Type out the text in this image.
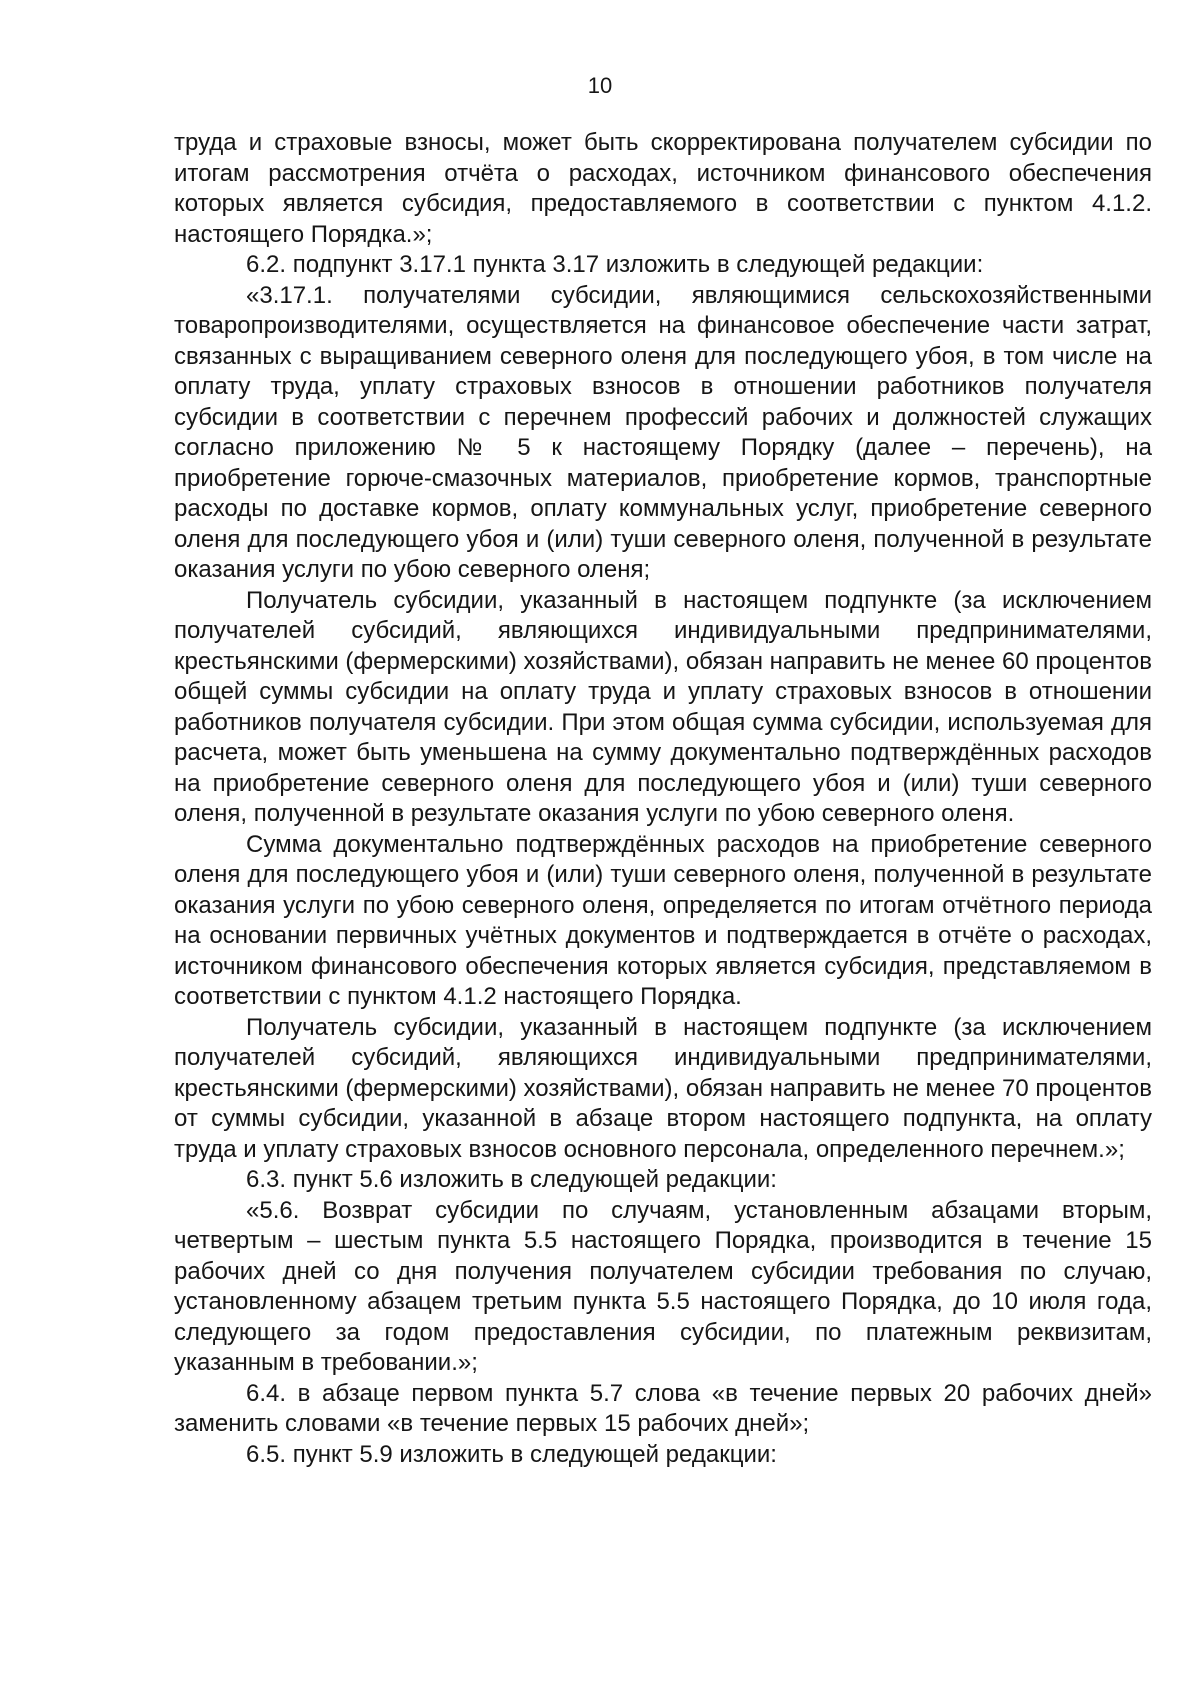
10

труда и страховые взносы, может быть скорректирована получателем субсидии по итогам рассмотрения отчёта о расходах, источником финансового обеспечения которых является субсидия, предоставляемого в соответствии с пунктом 4.1.2. настоящего Порядка.»;

6.2. подпункт 3.17.1 пункта 3.17 изложить в следующей редакции:

«3.17.1. получателями субсидии, являющимися сельскохозяйственными товаропроизводителями, осуществляется на финансовое обеспечение части затрат, связанных с выращиванием северного оленя для последующего убоя, в том числе на оплату труда, уплату страховых взносов в отношении работников получателя субсидии в соответствии с перечнем профессий рабочих и должностей служащих согласно приложению № 5 к настоящему Порядку (далее – перечень), на приобретение горюче-смазочных материалов, приобретение кормов, транспортные расходы по доставке кормов, оплату коммунальных услуг, приобретение северного оленя для последующего убоя и (или) туши северного оленя, полученной в результате оказания услуги по убою северного оленя;

Получатель субсидии, указанный в настоящем подпункте (за исключением получателей субсидий, являющихся индивидуальными предпринимателями, крестьянскими (фермерскими) хозяйствами), обязан направить не менее 60 процентов общей суммы субсидии на оплату труда и уплату страховых взносов в отношении работников получателя субсидии. При этом общая сумма субсидии, используемая для расчета, может быть уменьшена на сумму документально подтверждённых расходов на приобретение северного оленя для последующего убоя и (или) туши северного оленя, полученной в результате оказания услуги по убою северного оленя.

Сумма документально подтверждённых расходов на приобретение северного оленя для последующего убоя и (или) туши северного оленя, полученной в результате оказания услуги по убою северного оленя, определяется по итогам отчётного периода на основании первичных учётных документов и подтверждается в отчёте о расходах, источником финансового обеспечения которых является субсидия, представляемом в соответствии с пунктом 4.1.2 настоящего Порядка.

Получатель субсидии, указанный в настоящем подпункте (за исключением получателей субсидий, являющихся индивидуальными предпринимателями, крестьянскими (фермерскими) хозяйствами), обязан направить не менее 70 процентов от суммы субсидии, указанной в абзаце втором настоящего подпункта, на оплату труда и уплату страховых взносов основного персонала, определенного перечнем.»;

6.3. пункт 5.6 изложить в следующей редакции:

«5.6. Возврат субсидии по случаям, установленным абзацами вторым, четвертым – шестым пункта 5.5 настоящего Порядка, производится в течение 15 рабочих дней со дня получения получателем субсидии требования по случаю, установленному абзацем третьим пункта 5.5 настоящего Порядка, до 10 июля года, следующего за годом предоставления субсидии, по платежным реквизитам, указанным в требовании.»;

6.4. в абзаце первом пункта 5.7 слова «в течение первых 20 рабочих дней» заменить словами «в течение первых 15 рабочих дней»;

6.5. пункт 5.9 изложить в следующей редакции:
